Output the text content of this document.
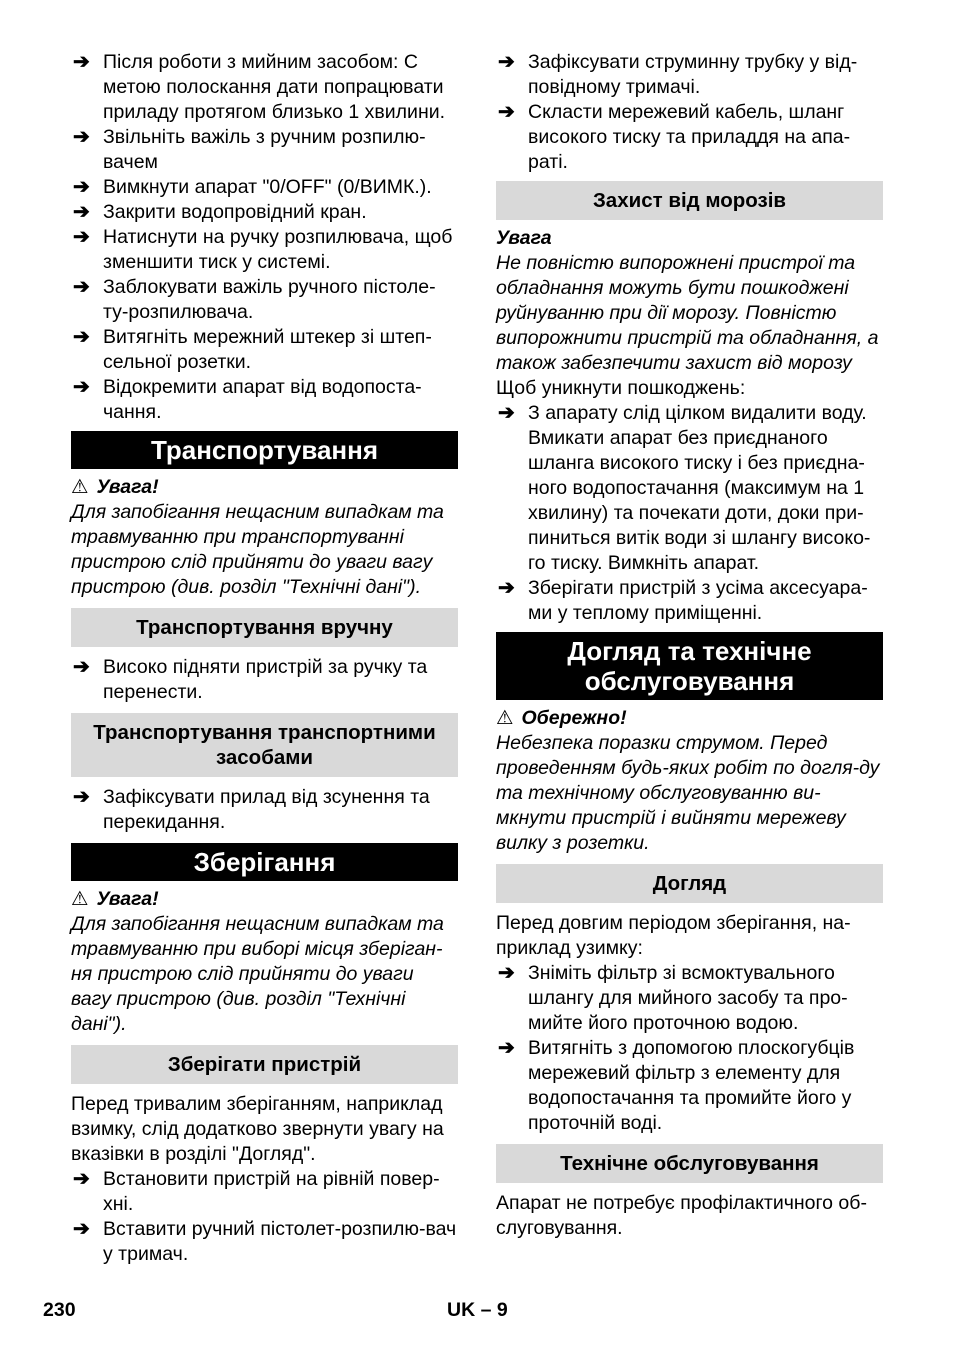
➔ Після роботи з мийним засобом: С метою полоскання дати попрацювати приладу протягом близько 1 хвилини.
➔ Звільніть важіль з ручним розпилю-вачем
➔ Вимкнути апарат "0/OFF" (0/ВИМК.).
➔ Закрити водопровідний кран.
➔ Натиснути на ручку розпилювача, щоб зменшити тиск у системі.
➔ Заблокувати важіль ручного пістоле-ту-розпилювача.
➔ Витягніть мережний штекер зі штеп-сельної розетки.
➔ Відокремити апарат від водопоста-чання.
Транспортування
⚠ Увага!
Для запобігання нещасним випадкам та травмуванню при транспортуванні пристрою слід прийняти до уваги вагу пристрою (див. розділ "Технічні дані").
Транспортування вручну
➔ Високо підняти пристрій за ручку та перенести.
Транспортування транспортними засобами
➔ Зафіксувати прилад від зсунення та перекидання.
Зберігання
⚠ Увага!
Для запобігання нещасним випадкам та травмуванню при виборі місця зберіган-ня пристрою слід прийняти до уваги вагу пристрою (див. розділ "Технічні дані").
Зберігати пристрій
Перед тривалим зберіганням, наприклад взимку, слід додатково звернути увагу на вказівки в розділі "Догляд".
➔ Встановити пристрій на рівній повер-хні.
➔ Вставити ручний пістолет-розпилю-вач у тримач.
➔ Зафіксувати струминну трубку у від-повідному тримачі.
➔ Скласти мережевий кабель, шланг високого тиску та приладдя на апа-раті.
Захист від морозів
Увага
Не повністю випорожнені пристрої та обладнання можуть бути пошкоджені руйнуванню при дії морозу. Повністю випорожнити пристрій та обладнання, а також забезпечити захист від морозу
Щоб уникнути пошкоджень:
➔ З апарату слід цілком видалити воду. Вмикати апарат без приєднаного шланга високого тиску і без приєдна-ного водопостачання (максимум на 1 хвилину) та почекати доти, доки при-пиниться витік води зі шлангу високо-го тиску. Вимкніть апарат.
➔ Зберігати пристрій з усіма аксесуара-ми у теплому приміщенні.
Догляд та технічне обслуговування
⚠ Обережно!
Небезпека поразки струмом. Перед проведенням будь-яких робіт по догля-ду та технічному обслуговуванню ви-мкнути пристрій і вийняти мережеву вилку з розетки.
Догляд
Перед довгим періодом зберігання, на-приклад узимку:
➔ Зніміть фільтр зі всмоктувального шлангу для мийного засобу та про-мийте його проточною водою.
➔ Витягніть з допомогою плоскогубців мережевий фільтр з елементу для водопостачання та промийте його у проточній воді.
Технічне обслуговування
Апарат не потребує профілактичного об-слуговування.
230	UK – 9
